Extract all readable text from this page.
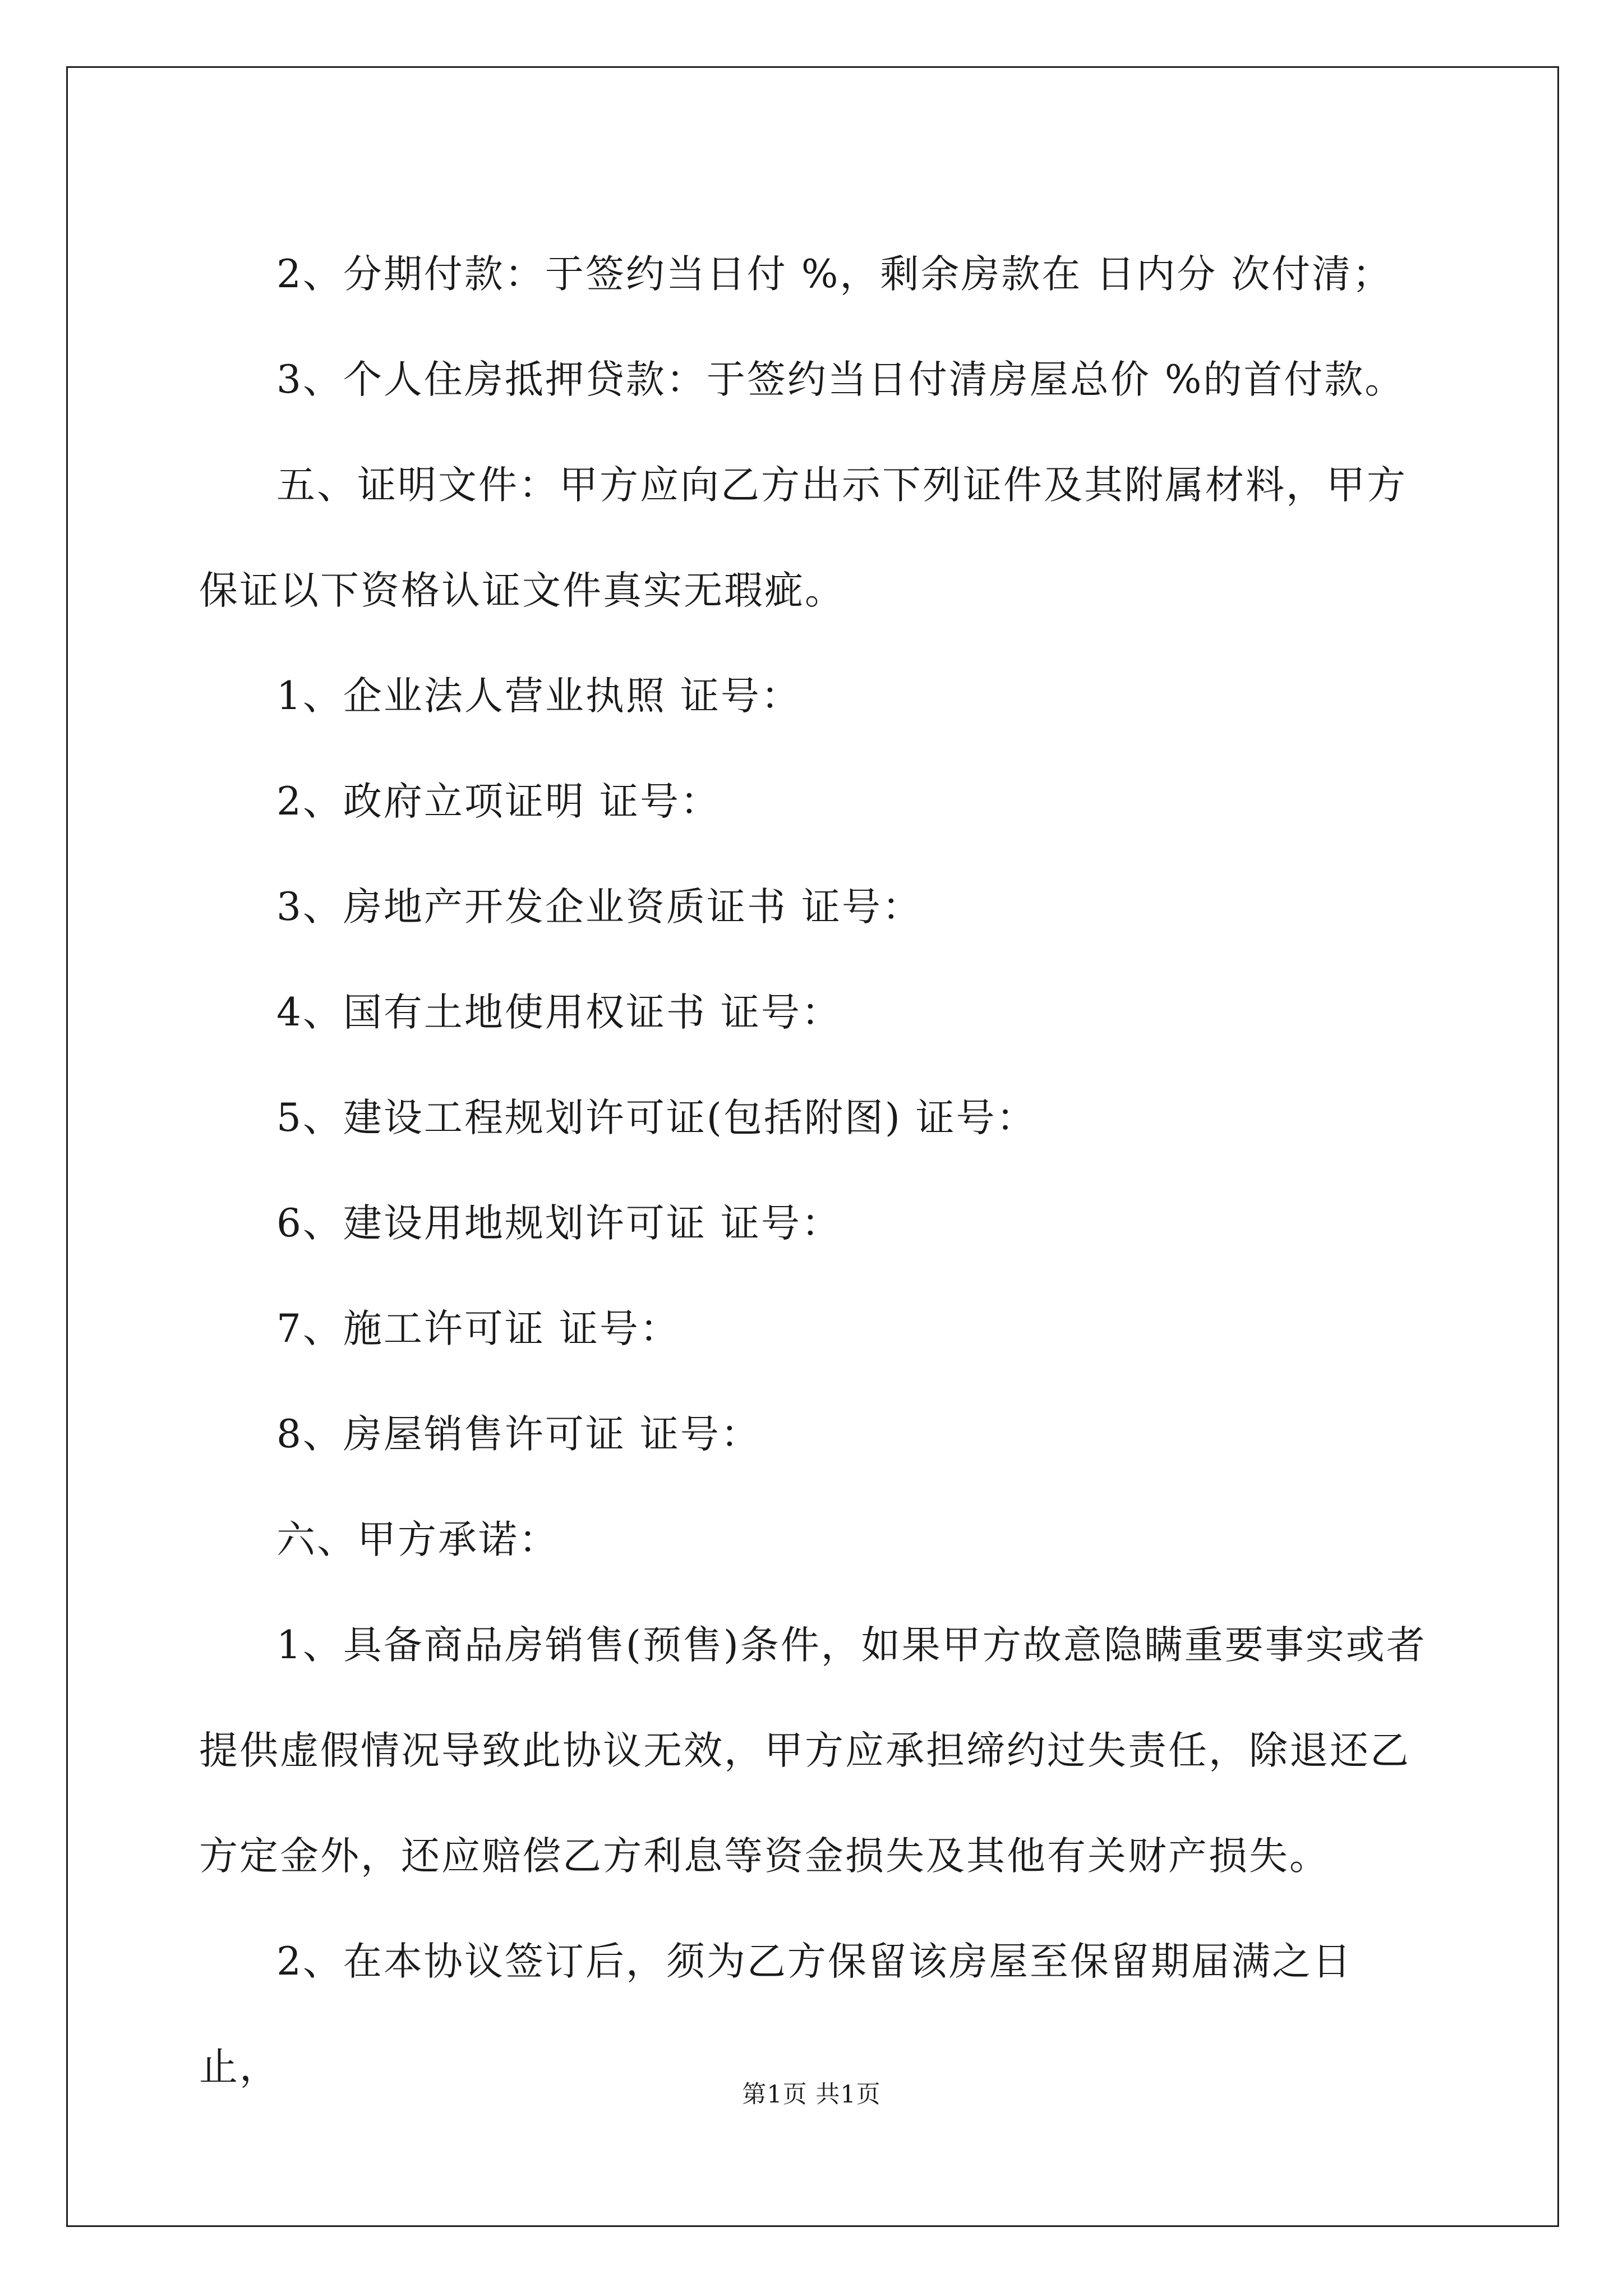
2、分期付款：于签约当日付 %，剩余房款在 日内分 次付清；

3、个人住房抵押贷款：于签约当日付清房屋总价 %的首付款。

五、证明文件：甲方应向乙方出示下列证件及其附属材料，甲方保证以下资格认证文件真实无瑕疵。

1、企业法人营业执照 证号：

2、政府立项证明 证号：

3、房地产开发企业资质证书 证号：

4、国有土地使用权证书 证号：

5、建设工程规划许可证(包括附图) 证号：

6、建设用地规划许可证 证号：

7、施工许可证 证号：

8、房屋销售许可证 证号：

六、甲方承诺：

1、具备商品房销售(预售)条件，如果甲方故意隐瞒重要事实或者提供虚假情况导致此协议无效，甲方应承担缔约过失责任，除退还乙方定金外，还应赔偿乙方利息等资金损失及其他有关财产损失。

2、在本协议签订后，须为乙方保留该房屋至保留期届满之日止，

第1页 共1页
